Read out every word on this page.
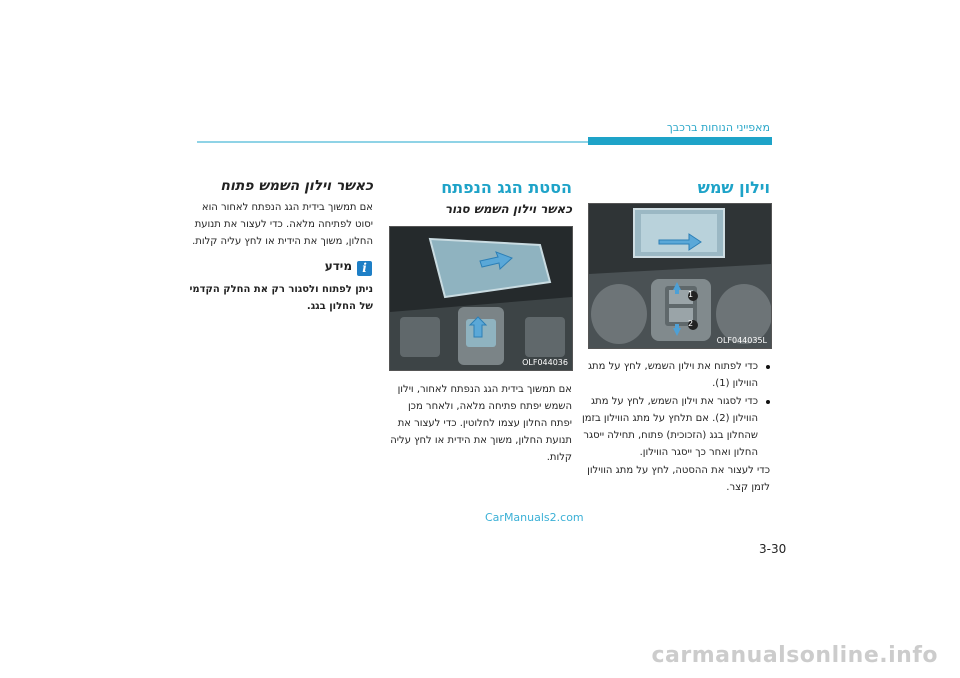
מאפייני הנוחות ברכבך
וילון שמש
1
2
OLF044035L
כדי לפתוח את וילון השמש, לחץ על מתג
הווילון (1).
כדי לסגור את וילון השמש, לחץ על מתג
הווילון (2). אם תלחץ על מתג הווילון בזמן
שהחלון בגג (הזכוכית) פתוח, תחילה ייסגר
החלון ואחר כך ייסגר הווילון.
כדי לעצור את ההסטה, לחץ על מתג הווילון
לזמן קצר.
הסטת הגג הנפתח
כאשר וילון השמש סגור
OLF044036
אם תמשוך בידית הגג הנפתח לאחור, וילון
השמש יפתח פתיחה מלאה, ולאחר מכן
יפתח החלון עצמו לחלוטין. כדי לעצור את
תנועת החלון, משוך את הידית או לחץ עליה
קלות.
כאשר וילון השמש פתוח
אם תמשוך בידית הגג הנפתח לאחור הוא
יסוט לפתיחה מלאה. כדי לעצור את תנועת
החלון, משוך את הידית או לחץ עליה קלות.
i
מידע
ניתן לפתוח ולסגור רק את החלק הקדמי
של החלון בגג.
CarManuals2.com
3-30
carmanualsonline.info
